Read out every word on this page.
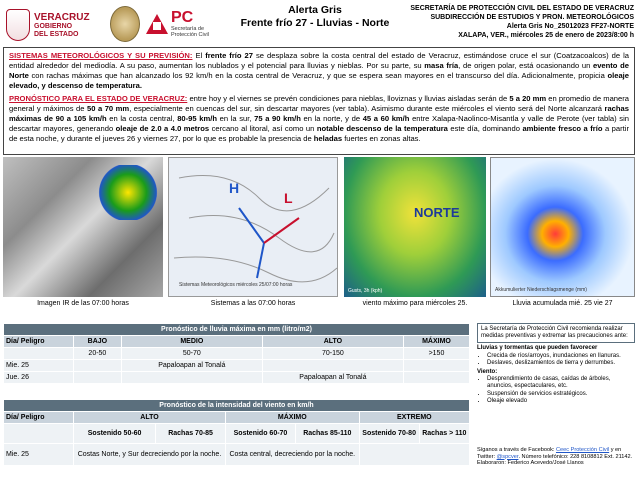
VERACRUZ
GOBIERNO
DEL ESTADO
PC
Secretaría de
Protección Civil
Alerta Gris
Frente frío 27 - Lluvias - Norte
SECRETARÍA DE PROTECCIÓN CIVIL DEL ESTADO DE VERACRUZ
SUBDIRECCIÓN DE ESTUDIOS Y PRON. METEOROLÓGICOS
Alerta Gris No_25012023 FF27-NORTE
XALAPA, VER., miércoles 25 de enero de 2023/8:00 h

SISTEMAS METEOROLÓGICOS Y SU PREVISIÓN: El frente frío 27 se desplaza sobre la costa central del estado de Veracruz, estimándose cruce el sur (Coatzacoalcos) de la entidad alrededor del mediodía. A su paso, aumentan los nublados y el potencial para lluvias y nieblas. Por su parte, su masa fría, de origen polar, está ocasionando un evento de Norte con rachas máximas que han alcanzado los 92 km/h en la costa central de Veracruz, y que se espera sean mayores en el transcurso del día. Adicionalmente, propicia oleaje elevado, y descenso de temperatura.

PRONÓSTICO PARA EL ESTADO DE VERACRUZ: entre hoy y el viernes se prevén condiciones para nieblas, lloviznas y lluvias aisladas serán de 5 a 20 mm en promedio de manera general y máximos de 50 a 70 mm, especialmente en cuencas del sur, sin descartar mayores (ver tabla). Asimismo durante este miércoles el viento será del Norte alcanzará rachas máximas de 90 a 105 km/h en la costa central, 80-95 km/h en la sur, 75 a 90 km/h en la norte, y de 45 a 60 km/h entre Xalapa-Naolinco-Misantla y valle de Perote (ver tabla) sin descartar mayores, generando oleaje de 2.0 a 4.0 metros cercano al litoral, así como un notable descenso de la temperatura este día, dominando ambiente fresco a frío a partir de esta noche, y durante el jueves 26 y viernes 27, por lo que es probable la presencia de heladas fuertes en zonas altas.

H
L
Sistemas Meteorológicos miércoles 25/07:00 horas
NORTE
Gusts, 3h (kph)	Akkumulierter Niederschlagsmenge (mm)
Imagen IR de las 07:00 horas	Sistemas a las 07:00 horas	viento máximo para miércoles 25.	Lluvia acumulada mié. 25 vie 27
Pronóstico de lluvia máxima en mm (litro/m2)				
Día/ Peligro	BAJO	MEDIO	ALTO	MÁXIMO
	20-50	50-70	70-150	>150
Mie. 25		Papaloapan al Tonalá		
Jue. 26			Papaloapan al Tonalá	
Pronóstico de la intensidad del viento en km/h						
Día/ Peligro	ALTO		MÁXIMO		EXTREMO	
	Sostenido 50-60	Rachas 70-85	Sostenido 60-70	Rachas 85-110	Sostenido 70-80	Rachas > 110
Mie. 25	Costas Norte, y Sur decreciendo por la noche.		Costa central, decreciendo por la noche.			
La Secretaría de Protección Civil recomienda realizar medidas preventivas y extremar las precauciones ante:
Lluvias y tormentas que pueden favorecer
• Crecida de ríos/arroyos, inundaciones en llanuras.
• Deslaves, deslizamientos de tierra y derrumbes.
Viento:
• Desprendimiento de casas, caídas de árboles, anuncios, espectaculares, etc.
• Suspensión de servicios estratégicos.
• Oleaje elevado
Síganos a través de Facebook: Ceec Protección Civil y en Twitter: @spcver. Número telefónico: 228 8108812 Ext. 21142. Elaboraron: Federico Acevedo/José Llanos
